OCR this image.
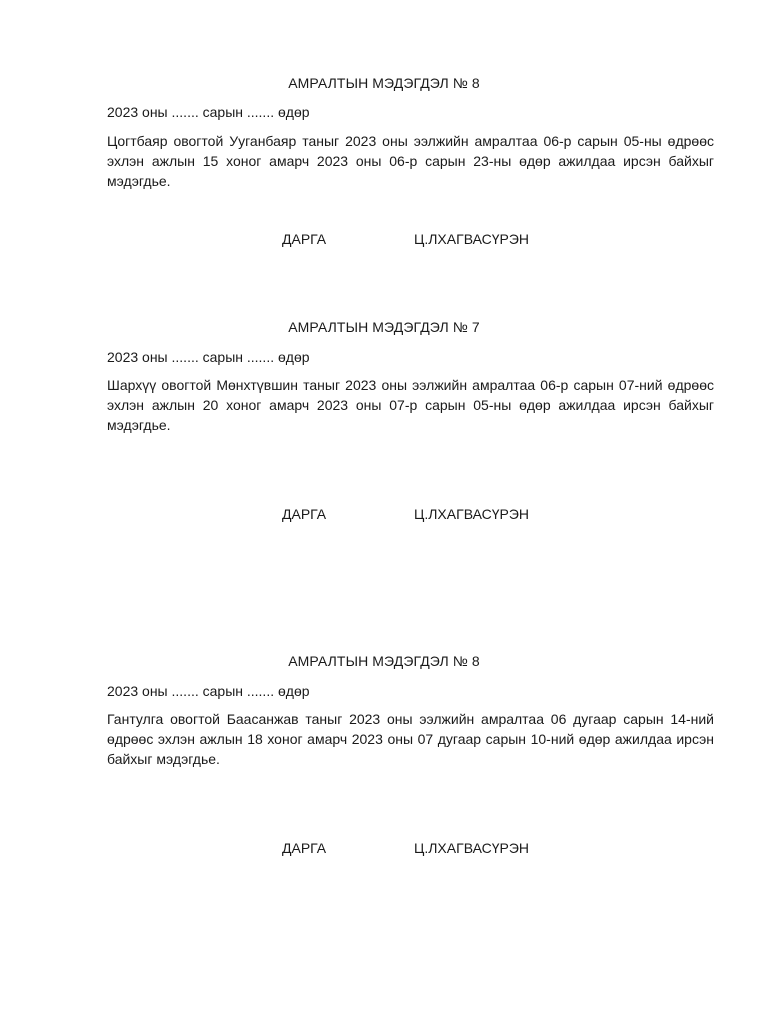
АМРАЛТЫН МЭДЭГДЭЛ № 8
2023 оны ....... сарын ....... өдөр
Цогтбаяр овогтой Ууганбаяр таныг 2023 оны ээлжийн амралтаа 06-р сарын 05-ны өдрөөс эхлэн ажлын 15 хоног амарч 2023 оны 06-р сарын 23-ны өдөр ажилдаа ирсэн байхыг мэдэгдье.
ДАРГА	Ц.ЛХАГВАСҮРЭН
АМРАЛТЫН МЭДЭГДЭЛ № 7
2023 оны ....... сарын ....... өдөр
Шархүү овогтой Мөнхтүвшин таныг 2023 оны ээлжийн амралтаа 06-р сарын 07-ний өдрөөс эхлэн ажлын 20 хоног амарч 2023 оны 07-р сарын 05-ны өдөр ажилдаа ирсэн байхыг мэдэгдье.
ДАРГА	Ц.ЛХАГВАСҮРЭН
АМРАЛТЫН МЭДЭГДЭЛ № 8
2023 оны ....... сарын ....... өдөр
Гантулга овогтой Баасанжав таныг 2023 оны ээлжийн амралтаа 06 дугаар сарын 14-ний өдрөөс эхлэн ажлын 18 хоног амарч 2023 оны 07 дугаар сарын 10-ний өдөр ажилдаа ирсэн байхыг мэдэгдье.
ДАРГА	Ц.ЛХАГВАСҮРЭН
